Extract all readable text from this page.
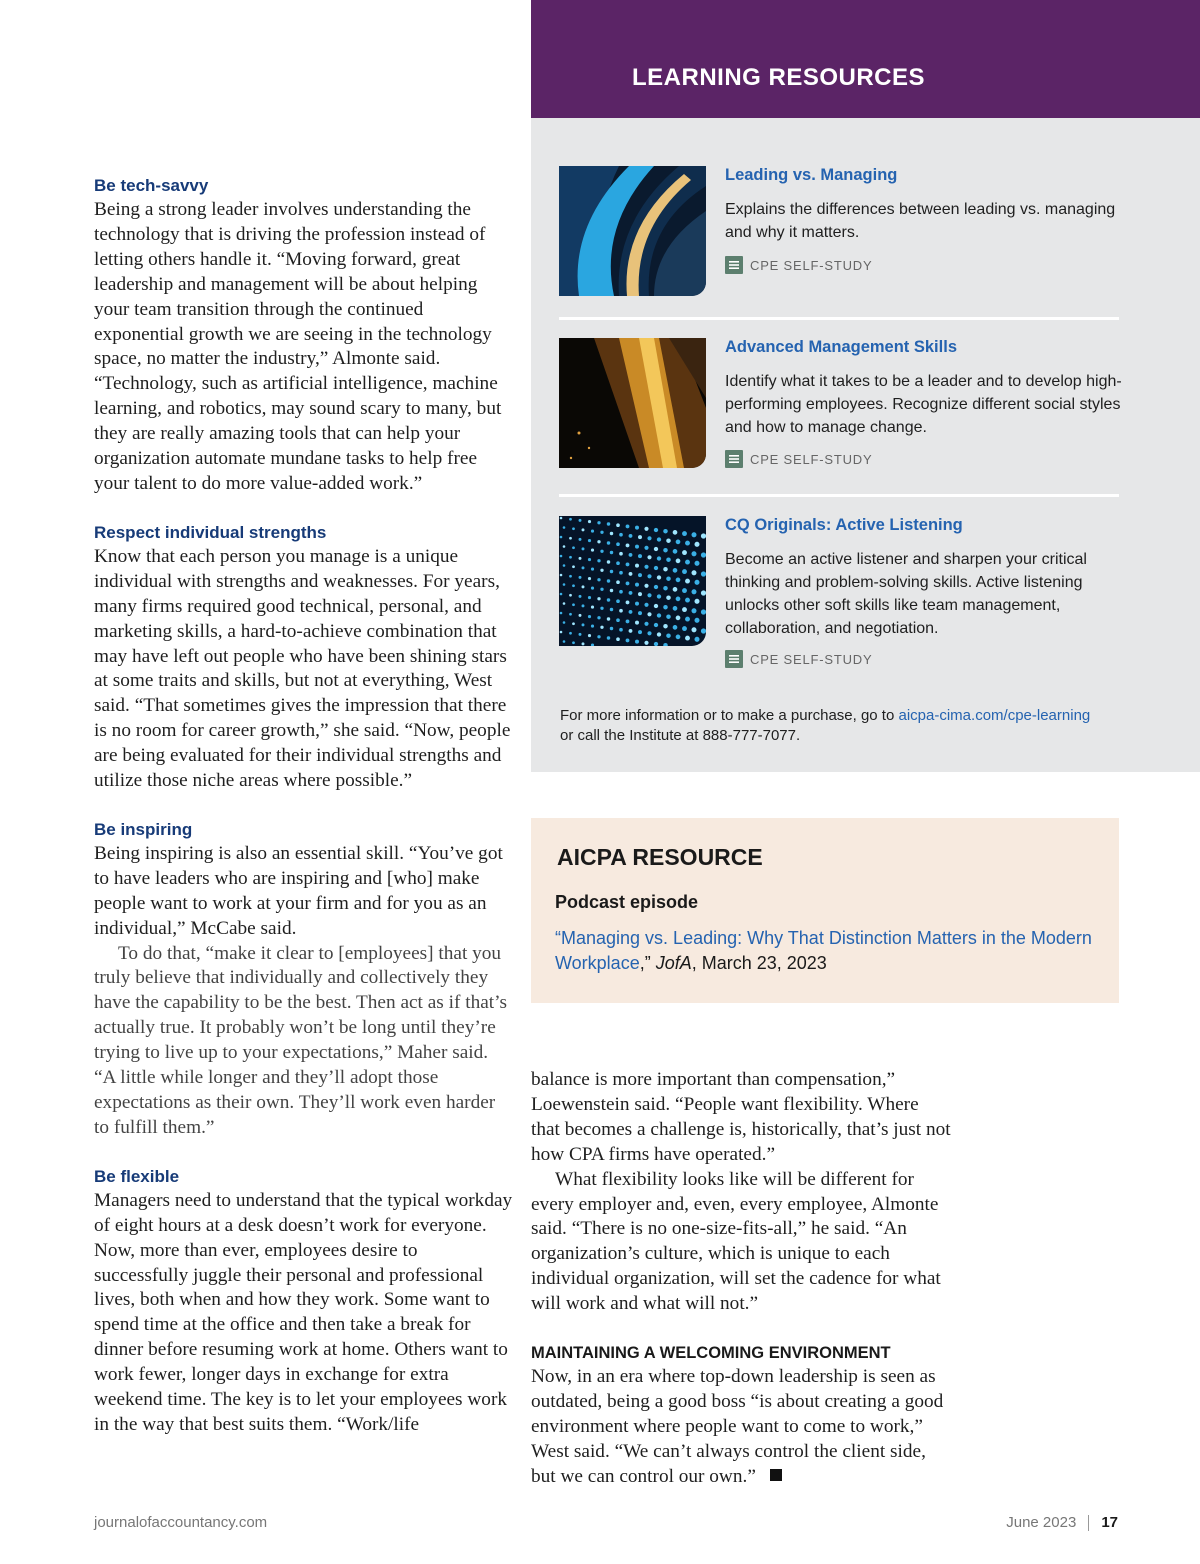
Be tech-savvy

Being a strong leader involves understanding the technology that is driving the profession instead of letting others handle it. “Moving forward, great leadership and management will be about helping your team transition through the continued exponential growth we are seeing in the technology space, no matter the industry,” Almonte said. “Technology, such as artificial intelligence, machine learning, and robotics, may sound scary to many, but they are really amazing tools that can help your organization automate mundane tasks to help free your talent to do more value-added work.”

Respect individual strengths

Know that each person you manage is a unique individual with strengths and weaknesses. For years, many firms required good technical, personal, and marketing skills, a hard-to-achieve combination that may have left out people who have been shining stars at some traits and skills, but not at everything, West said. “That sometimes gives the impression that there is no room for career growth,” she said. “Now, people are being evaluated for their individual strengths and utilize those niche areas where possible.”

Be inspiring

Being inspiring is also an essential skill. “You’ve got to have leaders who are inspiring and [who] make people want to work at your firm and for you as an individual,” McCabe said.

To do that, “make it clear to [employees] that you truly believe that individually and collectively they have the capability to be the best. Then act as if that’s actually true. It probably won’t be long until they’re trying to live up to your expectations,” Maher said. “A little while longer and they’ll adopt those expectations as their own. They’ll work even harder to fulfill them.”

Be flexible

Managers need to understand that the typical workday of eight hours at a desk doesn’t work for everyone. Now, more than ever, employees desire to successfully juggle their personal and professional lives, both when and how they work. Some want to spend time at the office and then take a break for dinner before resuming work at home. Others want to work fewer, longer days in exchange for extra weekend time. The key is to let your employees work in the way that best suits them. “Work/life

LEARNING RESOURCES
Leading vs. Managing
Explains the differences between leading vs. managing and why it matters.
CPE SELF-STUDY
Advanced Management Skills
Identify what it takes to be a leader and to develop high-performing employees. Recognize different social styles and how to manage change.
CPE SELF-STUDY
CQ Originals: Active Listening
Become an active listener and sharpen your critical thinking and problem-solving skills. Active listening unlocks other soft skills like team management, collaboration, and negotiation.
CPE SELF-STUDY
For more information or to make a purchase, go to aicpa-cima.com/cpe-learning
or call the Institute at 888-777-7077.
AICPA RESOURCE
Podcast episode
“Managing vs. Leading: Why That Distinction Matters in the Modern Workplace,” JofA, March 23, 2023

balance is more important than compensation,” Loewenstein said. “People want flexibility. Where that becomes a challenge is, historically, that’s just not how CPA firms have operated.”

What flexibility looks like will be different for every employer and, even, every employee, Almonte said. “There is no one-size-fits-all,” he said. “An organization’s culture, which is unique to each individual organization, will set the cadence for what will work and what will not.”

MAINTAINING A WELCOMING ENVIRONMENT

Now, in an era where top-down leadership is seen as outdated, being a good boss “is about creating a good environment where people want to come to work,” West said. “We can’t always control the client side, but we can control our own.”

journalofaccountancy.com	June 2023 17
